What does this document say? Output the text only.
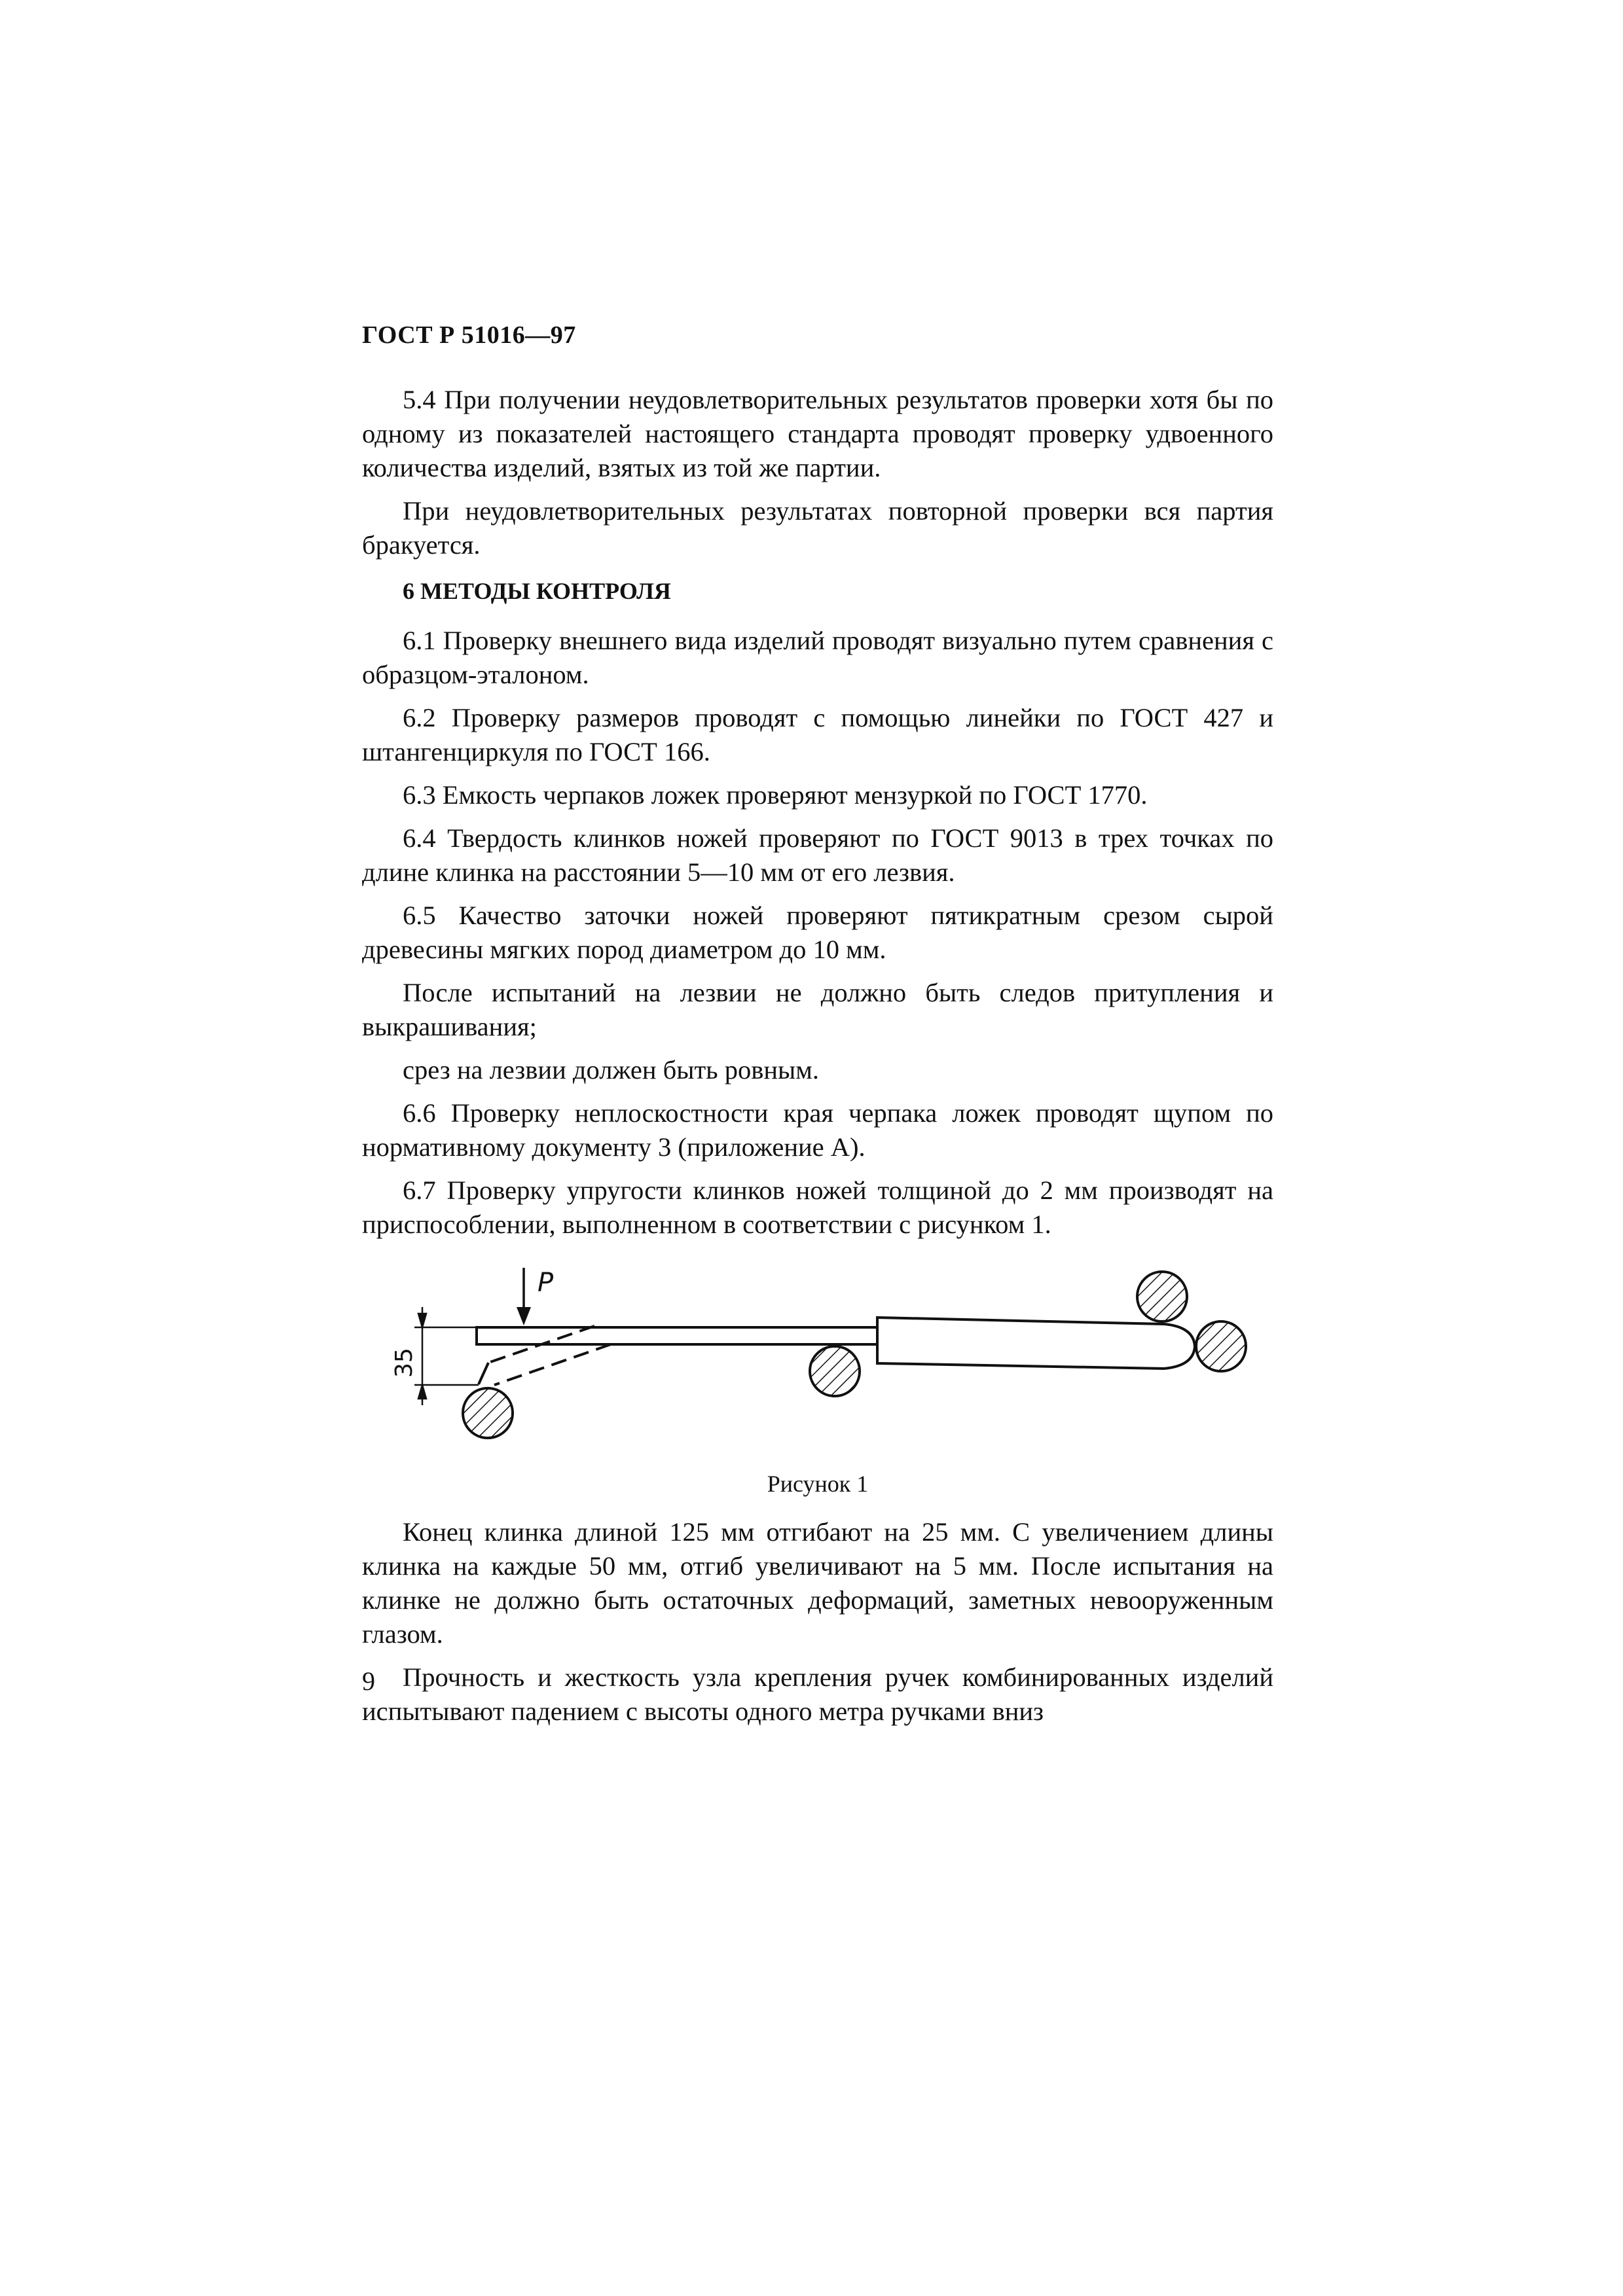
ГОСТ Р 51016—97

5.4 При получении неудовлетворительных результатов проверки хотя бы по одному из показателей настоящего стандарта проводят проверку удвоенного количества изделий, взятых из той же партии.

При неудовлетворительных результатах повторной проверки вся партия бракуется.

6 МЕТОДЫ КОНТРОЛЯ

6.1 Проверку внешнего вида изделий проводят визуально путем сравнения с образцом-эталоном.

6.2 Проверку размеров проводят с помощью линейки по ГОСТ 427 и штангенциркуля по ГОСТ 166.

6.3 Емкость черпаков ложек проверяют мензуркой по ГОСТ 1770.

6.4 Твердость клинков ножей проверяют по ГОСТ 9013 в трех точках по длине клинка на расстоянии 5—10 мм от его лезвия.

6.5 Качество заточки ножей проверяют пятикратным срезом сырой древесины мягких пород диаметром до 10 мм.

После испытаний на лезвии не должно быть следов притупления и выкрашивания;

срез на лезвии должен быть ровным.

6.6 Проверку неплоскостности края черпака ложек проводят щупом по нормативному документу 3 (приложение А).

6.7 Проверку упругости клинков ножей толщиной до 2 мм производят на приспособлении, выполненном в соответствии с рисунком 1.

P
35
Рисунок 1

Конец клинка длиной 125 мм отгибают на 25 мм. С увеличением длины клинка на каждые 50 мм, отгиб увеличивают на 5 мм. После испытания на клинке не должно быть остаточных деформаций, заметных невооруженным глазом.

Прочность и жесткость узла крепления ручек комбинированных изделий испытывают падением с высоты одного метра ручками вниз

9
